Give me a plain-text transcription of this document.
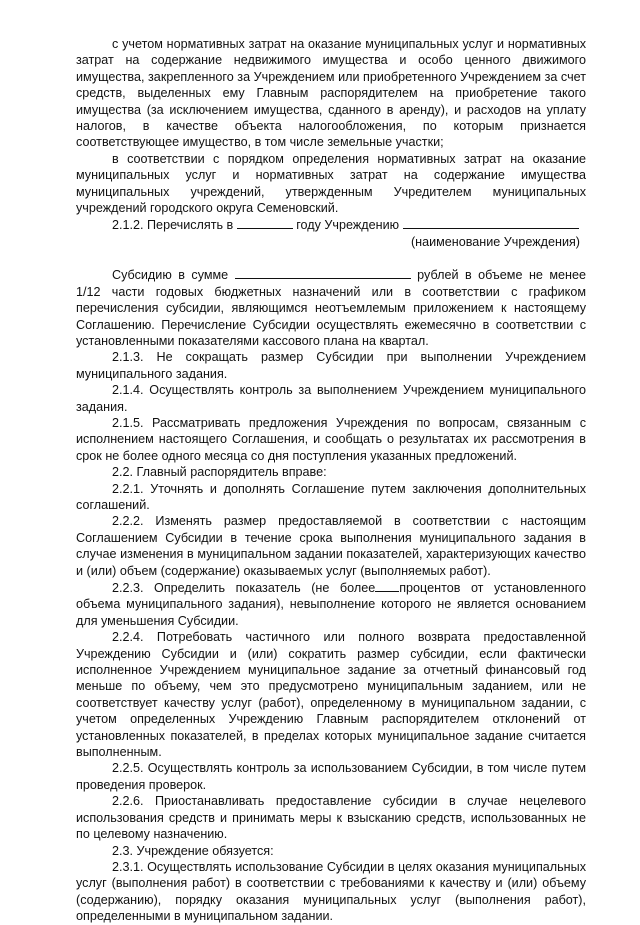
с учетом нормативных затрат на оказание муниципальных услуг и нормативных затрат на содержание недвижимого имущества и особо ценного движимого имущества, закрепленного за Учреждением или приобретенного Учреждением за счет средств, выделенных ему Главным распорядителем на приобретение такого имущества (за исключением имущества, сданного в аренду), и расходов на уплату налогов, в качестве объекта налогообложения, по которым признается соответствующее имущество, в том числе земельные участки;

в соответствии с порядком определения нормативных затрат на оказание муниципальных услуг и нормативных затрат на содержание имущества муниципальных учреждений, утвержденным Учредителем муниципальных учреждений городского округа Семеновский.

2.1.2. Перечислять в	году Учреждению

(наименование Учреждения)

Субсидию в сумме	рублей в объеме не менее 1/12 части годовых бюджетных назначений или в соответствии с графиком перечисления субсидии, являющимся неотъемлемым приложением к настоящему Соглашению. Перечисление Субсидии осуществлять ежемесячно в соответствии с установленными показателями кассового плана на квартал.

2.1.3. Не сокращать размер Субсидии при выполнении Учреждением муниципального задания.

2.1.4. Осуществлять контроль за выполнением Учреждением муниципального задания.

2.1.5. Рассматривать предложения Учреждения по вопросам, связанным с исполнением настоящего Соглашения, и сообщать о результатах их рассмотрения в срок не более одного месяца со дня поступления указанных предложений.

2.2. Главный распорядитель вправе:

2.2.1. Уточнять и дополнять Соглашение путем заключения дополнительных соглашений.

2.2.2. Изменять размер предоставляемой в соответствии с настоящим Соглашением Субсидии в течение срока выполнения муниципального задания в случае изменения в муниципальном задании показателей, характеризующих качество и (или) объем (содержание) оказываемых услуг (выполняемых работ).

2.2.3. Определить показатель (не более процентов от установленного объема муниципального задания), невыполнение которого не является основанием для уменьшения Субсидии.

2.2.4. Потребовать частичного или полного возврата предоставленной Учреждению Субсидии и (или) сократить размер субсидии, если фактически исполненное Учреждением муниципальное задание за отчетный финансовый год меньше по объему, чем это предусмотрено муниципальным заданием, или не соответствует качеству услуг (работ), определенному в муниципальном задании, с учетом определенных Учреждению Главным распорядителем отклонений от установленных показателей, в пределах которых муниципальное задание считается выполненным.

2.2.5. Осуществлять контроль за использованием Субсидии, в том числе путем проведения проверок.

2.2.6. Приостанавливать предоставление субсидии в случае нецелевого использования средств и принимать меры к взысканию средств, использованных не по целевому назначению.

2.3. Учреждение обязуется:

2.3.1. Осуществлять использование Субсидии в целях оказания муниципальных услуг (выполнения работ) в соответствии с требованиями к качеству и (или) объему (содержанию), порядку оказания муниципальных услуг (выполнения работ), определенными в муниципальном задании.
